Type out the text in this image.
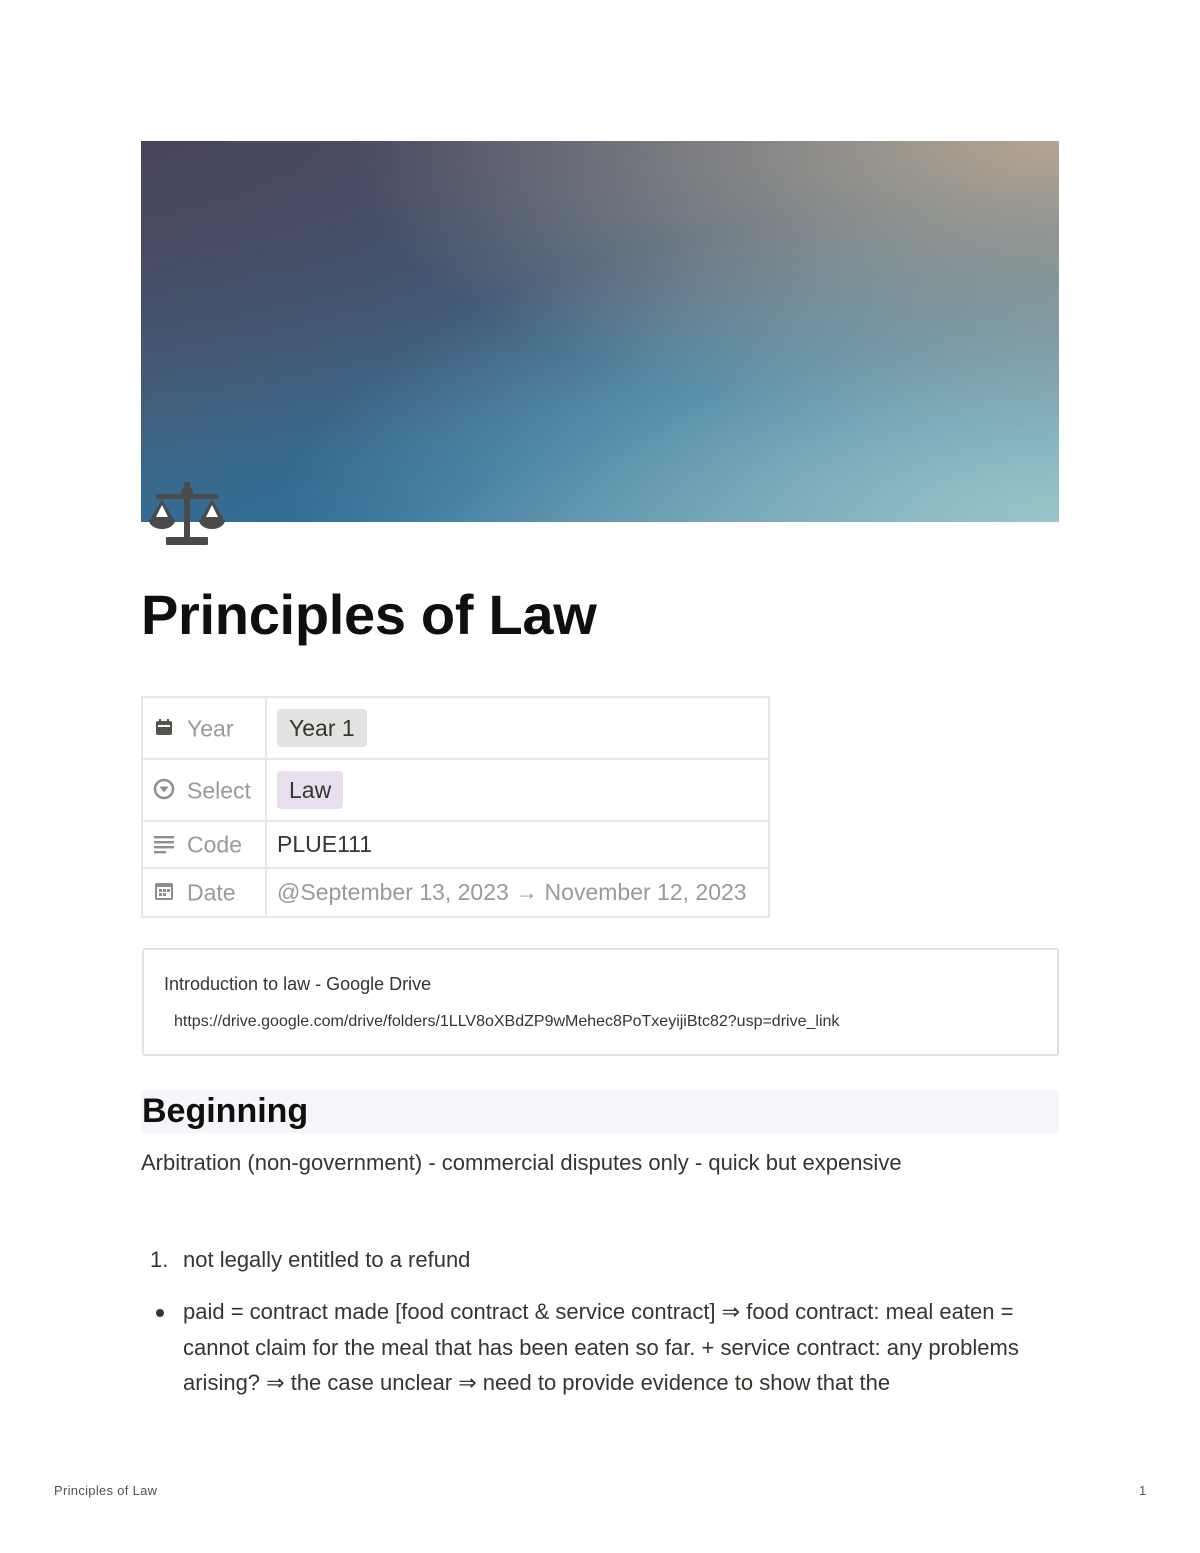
Principles of Law
Year	Year 1
Select	Law
Code	PLUE111
Date	@September 13, 2023 → November 12, 2023
Introduction to law - Google Drive
https://drive.google.com/drive/folders/1LLV8oXBdZP9wMehec8PoTxeyijiBtc82?usp=drive_link
Beginning

Arbitration (non-government) - commercial disputes only - quick but expensive

1. not legally entitled to a refund
paid = contract made [food contract & service contract] ⇒ food contract: meal eaten = cannot claim for the meal that has been eaten so far. + service contract: any problems arising? ⇒ the case unclear ⇒ need to provide evidence to show that the
Principles of Law	1
